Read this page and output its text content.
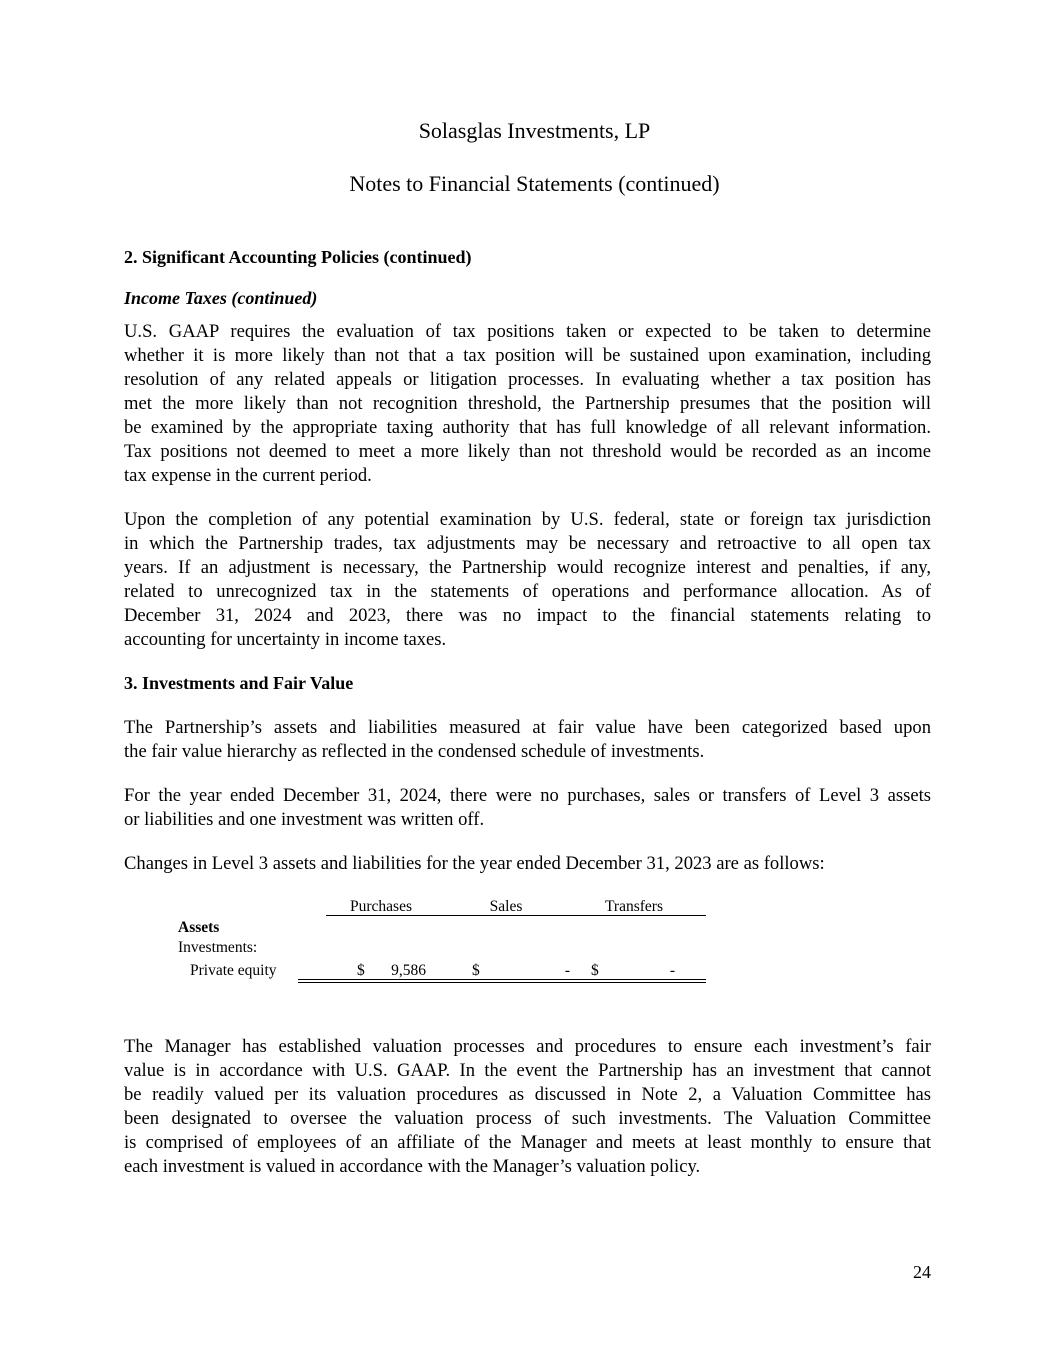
Solasglas Investments, LP
Notes to Financial Statements (continued)
2. Significant Accounting Policies (continued)
Income Taxes (continued)
U.S. GAAP requires the evaluation of tax positions taken or expected to be taken to determine
whether it is more likely than not that a tax position will be sustained upon examination, including
resolution of any related appeals or litigation processes. In evaluating whether a tax position has
met the more likely than not recognition threshold, the Partnership presumes that the position will
be examined by the appropriate taxing authority that has full knowledge of all relevant information.
Tax positions not deemed to meet a more likely than not threshold would be recorded as an income
tax expense in the current period.
Upon the completion of any potential examination by U.S. federal, state or foreign tax jurisdiction
in which the Partnership trades, tax adjustments may be necessary and retroactive to all open tax
years. If an adjustment is necessary, the Partnership would recognize interest and penalties, if any,
related to unrecognized tax in the statements of operations and performance allocation. As of
December 31, 2024 and 2023, there was no impact to the financial statements relating to
accounting for uncertainty in income taxes.
3. Investments and Fair Value
The Partnership’s assets and liabilities measured at fair value have been categorized based upon
the fair value hierarchy as reflected in the condensed schedule of investments.
For the year ended December 31, 2024, there were no purchases, sales or transfers of Level 3 assets
or liabilities and one investment was written off.
Changes in Level 3 assets and liabilities for the year ended December 31, 2023 are as follows:
Purchases	Sales	Transfers
Assets
Investments:
Private equity	$	9,586	$	- $	-
The Manager has established valuation processes and procedures to ensure each investment’s fair
value is in accordance with U.S. GAAP. In the event the Partnership has an investment that cannot
be readily valued per its valuation procedures as discussed in Note 2, a Valuation Committee has
been designated to oversee the valuation process of such investments. The Valuation Committee
is comprised of employees of an affiliate of the Manager and meets at least monthly to ensure that
each investment is valued in accordance with the Manager’s valuation policy.
24
